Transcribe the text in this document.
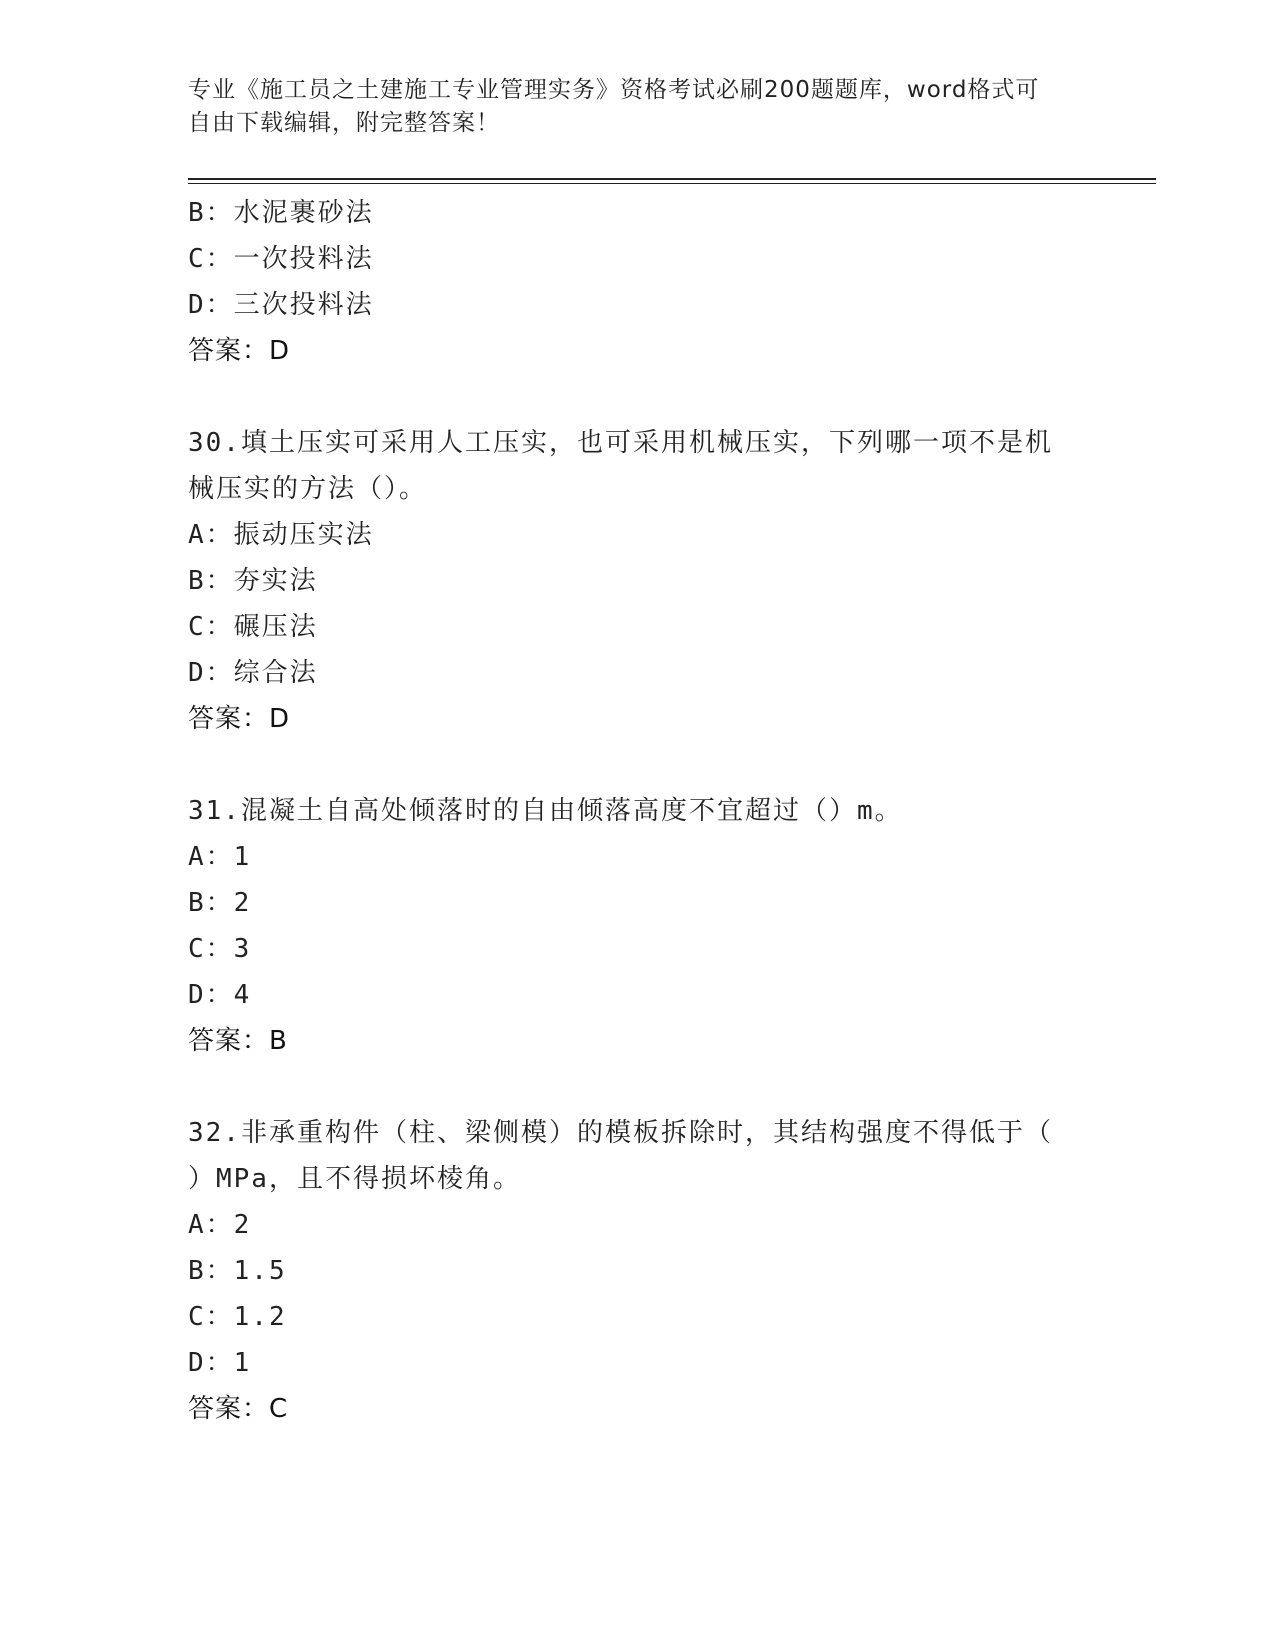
专业《施工员之土建施工专业管理实务》资格考试必刷200题题库，word格式可
自由下载编辑，附完整答案！
B：水泥裹砂法
C：一次投料法
D：三次投料法
答案：D
30.填土压实可采用人工压实，也可采用机械压实，下列哪一项不是机
械压实的方法（）。
A：振动压实法
B：夯实法
C：碾压法
D：综合法
答案：D
31.混凝土自高处倾落时的自由倾落高度不宜超过（）m。
A：1
B：2
C：3
D：4
答案：B
32.非承重构件（柱、梁侧模）的模板拆除时，其结构强度不得低于（
）MPa，且不得损坏棱角。
A：2
B：1.5
C：1.2
D：1
答案：C
